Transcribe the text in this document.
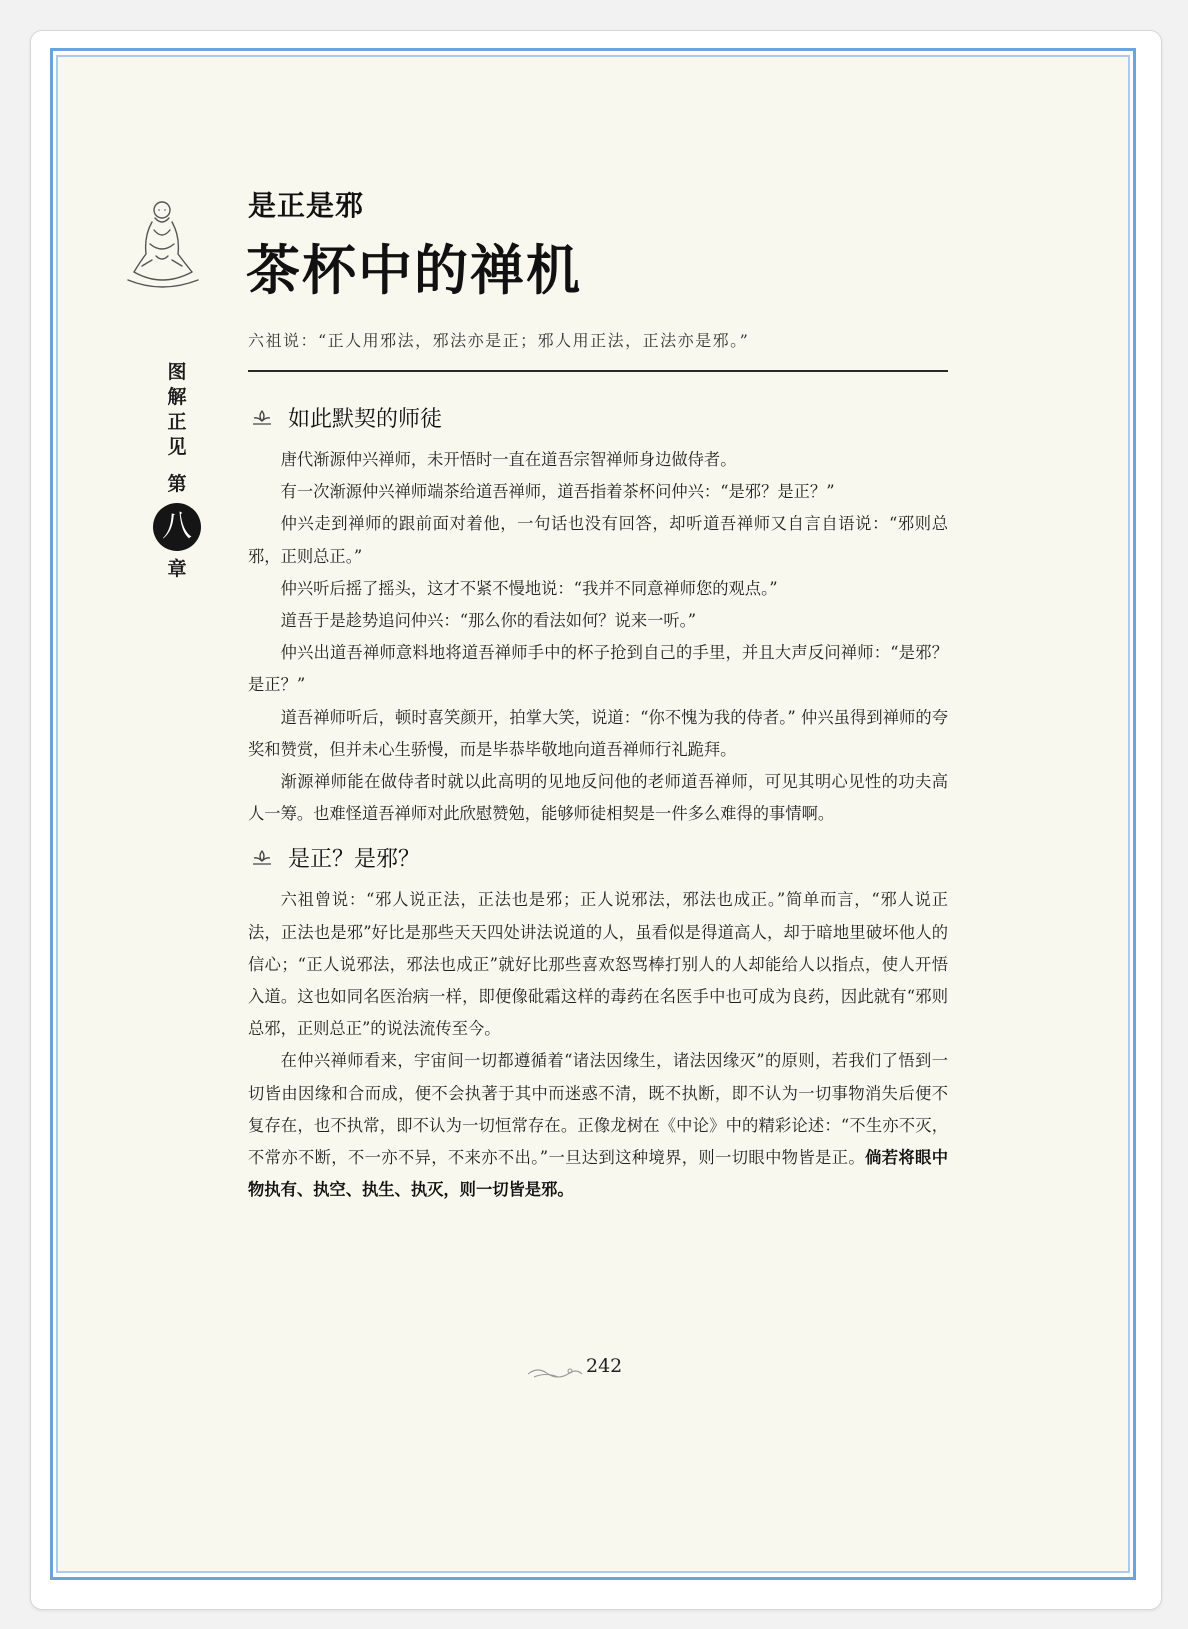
图
解
正
见
第
八
章
是正是邪
茶杯中的禅机
六祖说：“正人用邪法，邪法亦是正；邪人用正法，正法亦是邪。”
如此默契的师徒

唐代渐源仲兴禅师，未开悟时一直在道吾宗智禅师身边做侍者。

有一次渐源仲兴禅师端茶给道吾禅师，道吾指着茶杯问仲兴：“是邪？是正？”

仲兴走到禅师的跟前面对着他，一句话也没有回答，却听道吾禅师又自言自语说：“邪则总邪，正则总正。”

仲兴听后摇了摇头，这才不紧不慢地说：“我并不同意禅师您的观点。”

道吾于是趁势追问仲兴：“那么你的看法如何？说来一听。”

仲兴出道吾禅师意料地将道吾禅师手中的杯子抢到自己的手里，并且大声反问禅师：“是邪？是正？”

道吾禅师听后，顿时喜笑颜开，拍掌大笑，说道：“你不愧为我的侍者。” 仲兴虽得到禅师的夸奖和赞赏，但并未心生骄慢，而是毕恭毕敬地向道吾禅师行礼跪拜。

渐源禅师能在做侍者时就以此高明的见地反问他的老师道吾禅师，可见其明心见性的功夫高人一筹。也难怪道吾禅师对此欣慰赞勉，能够师徒相契是一件多么难得的事情啊。

是正？是邪？

六祖曾说：“邪人说正法，正法也是邪；正人说邪法，邪法也成正。”简单而言，“邪人说正法，正法也是邪”好比是那些天天四处讲法说道的人，虽看似是得道高人，却于暗地里破坏他人的信心；“正人说邪法，邪法也成正”就好比那些喜欢怒骂棒打别人的人却能给人以指点，使人开悟入道。这也如同名医治病一样，即便像砒霜这样的毒药在名医手中也可成为良药，因此就有“邪则总邪，正则总正”的说法流传至今。

在仲兴禅师看来，宇宙间一切都遵循着“诸法因缘生，诸法因缘灭”的原则，若我们了悟到一切皆由因缘和合而成，便不会执著于其中而迷惑不清，既不执断，即不认为一切事物消失后便不复存在，也不执常，即不认为一切恒常存在。正像龙树在《中论》中的精彩论述：“不生亦不灭，不常亦不断，不一亦不异，不来亦不出。”一旦达到这种境界，则一切眼中物皆是正。倘若将眼中物执有、执空、执生、执灭，则一切皆是邪。

242
